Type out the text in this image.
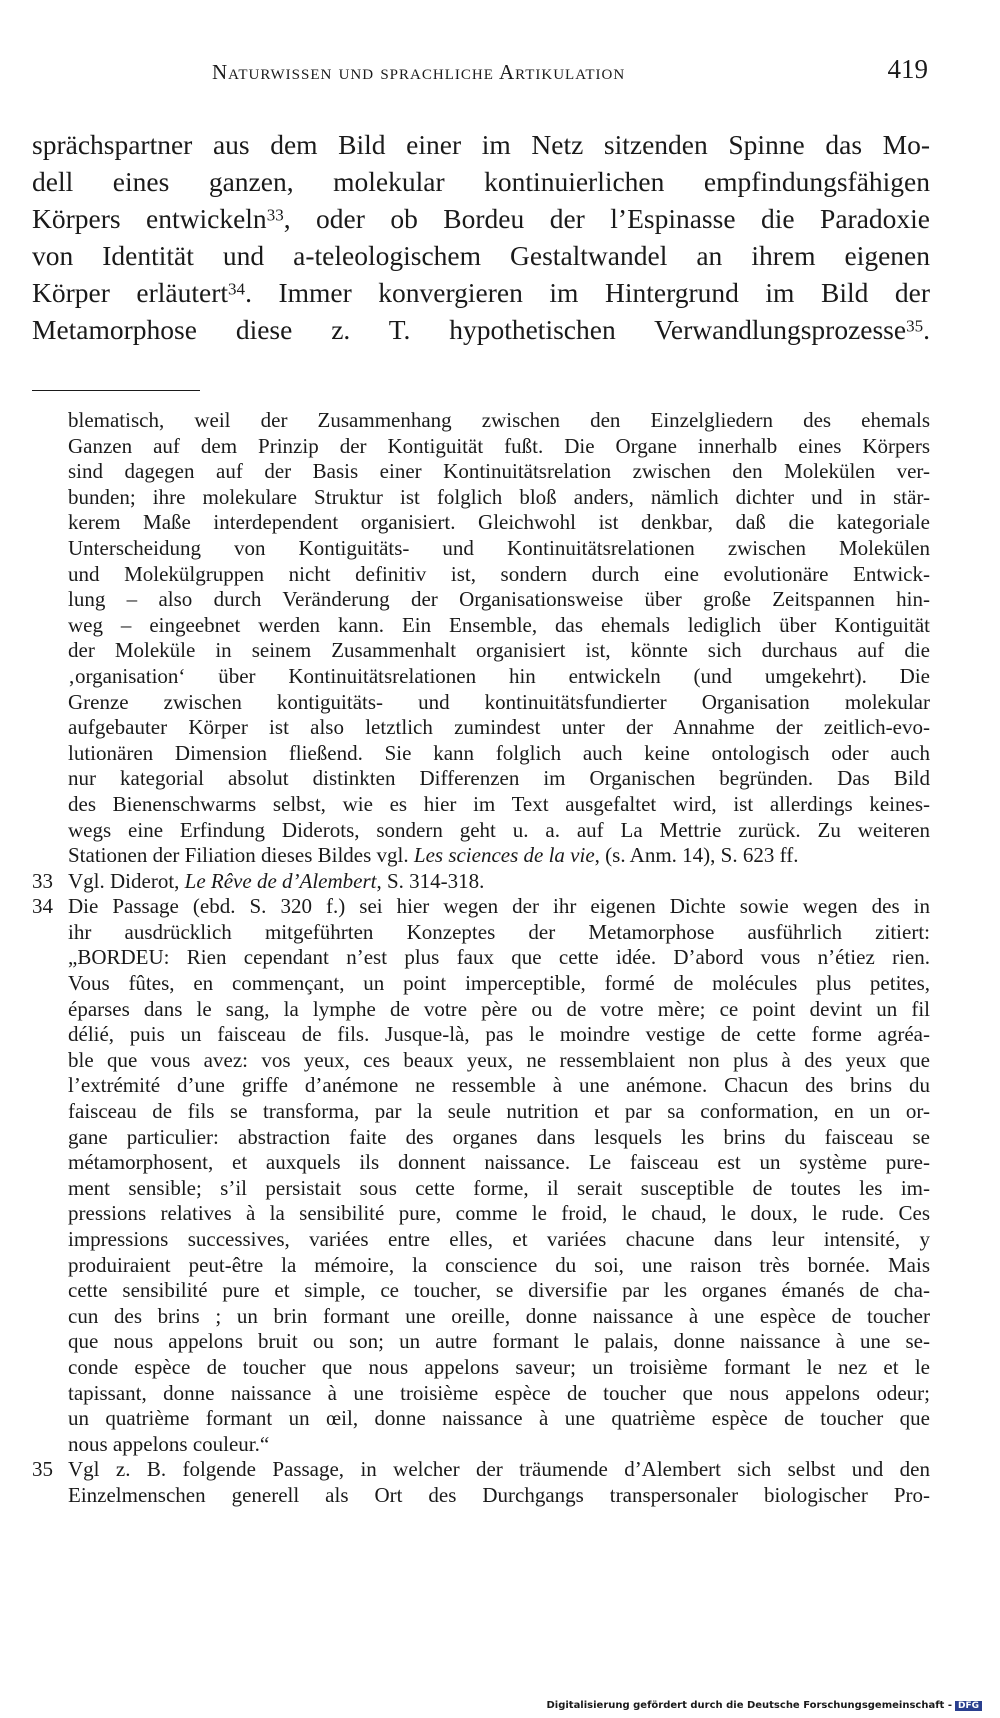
Naturwissen und sprachliche Artikulation	419
sprächspartner aus dem Bild einer im Netz sitzenden Spinne das Mo-
dell eines ganzen, molekular kontinuierlichen empfindungsfähigen
Körpers entwickeln$^{33}$, oder ob Bordeu der l’Espinasse die Paradoxie
von Identität und a-teleologischem Gestaltwandel an ihrem eigenen
Körper erläutert$^{34}$. Immer konvergieren im Hintergrund im Bild der
Metamorphose diese z. T. hypothetischen Verwandlungsprozesse$^{35}$.
blematisch, weil der Zusammenhang zwischen den Einzelgliedern des ehemals
Ganzen auf dem Prinzip der Kontiguität fußt. Die Organe innerhalb eines Körpers
sind dagegen auf der Basis einer Kontinuitätsrelation zwischen den Molekülen ver-
bunden; ihre molekulare Struktur ist folglich bloß anders, nämlich dichter und in stär-
kerem Maße interdependent organisiert. Gleichwohl ist denkbar, daß die kategoriale
Unterscheidung von Kontiguitäts- und Kontinuitätsrelationen zwischen Molekülen
und Molekülgruppen nicht definitiv ist, sondern durch eine evolutionäre Entwick-
lung – also durch Veränderung der Organisationsweise über große Zeitspannen hin-
weg – eingeebnet werden kann. Ein Ensemble, das ehemals lediglich über Kontiguität
der Moleküle in seinem Zusammenhalt organisiert ist, könnte sich durchaus auf die
‚organisation‘ über Kontinuitätsrelationen hin entwickeln (und umgekehrt). Die
Grenze zwischen kontiguitäts- und kontinuitätsfundierter Organisation molekular
aufgebauter Körper ist also letztlich zumindest unter der Annahme der zeitlich-evo-
lutionären Dimension fließend. Sie kann folglich auch keine ontologisch oder auch
nur kategorial absolut distinkten Differenzen im Organischen begründen. Das Bild
des Bienenschwarms selbst, wie es hier im Text ausgefaltet wird, ist allerdings keines-
wegs eine Erfindung Diderots, sondern geht u. a. auf La Mettrie zurück. Zu weiteren
Stationen der Filiation dieses Bildes vgl. Les sciences de la vie, (s. Anm. 14), S. 623 ff.
33 Vgl. Diderot, Le Rêve de d’Alembert, S. 314-318.
34 Die Passage (ebd. S. 320 f.) sei hier wegen der ihr eigenen Dichte sowie wegen des in
ihr ausdrücklich mitgeführten Konzeptes der Metamorphose ausführlich zitiert:
„BORDEU: Rien cependant n’est plus faux que cette idée. D’abord vous n’étiez rien.
Vous fûtes, en commençant, un point imperceptible, formé de molécules plus petites,
éparses dans le sang, la lymphe de votre père ou de votre mère; ce point devint un fil
délié, puis un faisceau de fils. Jusque-là, pas le moindre vestige de cette forme agréa-
ble que vous avez: vos yeux, ces beaux yeux, ne ressemblaient non plus à des yeux que
l’extrémité d’une griffe d’anémone ne ressemble à une anémone. Chacun des brins du
faisceau de fils se transforma, par la seule nutrition et par sa conformation, en un or-
gane particulier: abstraction faite des organes dans lesquels les brins du faisceau se
métamorphosent, et auxquels ils donnent naissance. Le faisceau est un système pure-
ment sensible; s’il persistait sous cette forme, il serait susceptible de toutes les im-
pressions relatives à la sensibilité pure, comme le froid, le chaud, le doux, le rude. Ces
impressions successives, variées entre elles, et variées chacune dans leur intensité, y
produiraient peut-être la mémoire, la conscience du soi, une raison très bornée. Mais
cette sensibilité pure et simple, ce toucher, se diversifie par les organes émanés de cha-
cun des brins ; un brin formant une oreille, donne naissance à une espèce de toucher
que nous appelons bruit ou son; un autre formant le palais, donne naissance à une se-
conde espèce de toucher que nous appelons saveur; un troisième formant le nez et le
tapissant, donne naissance à une troisième espèce de toucher que nous appelons odeur;
un quatrième formant un œil, donne naissance à une quatrième espèce de toucher que
nous appelons couleur.“
35 Vgl z. B. folgende Passage, in welcher der träumende d’Alembert sich selbst und den
Einzelmenschen generell als Ort des Durchgangs transpersonaler biologischer Pro-
Digitalisierung gefördert durch die Deutsche Forschungsgemeinschaft - DFG
